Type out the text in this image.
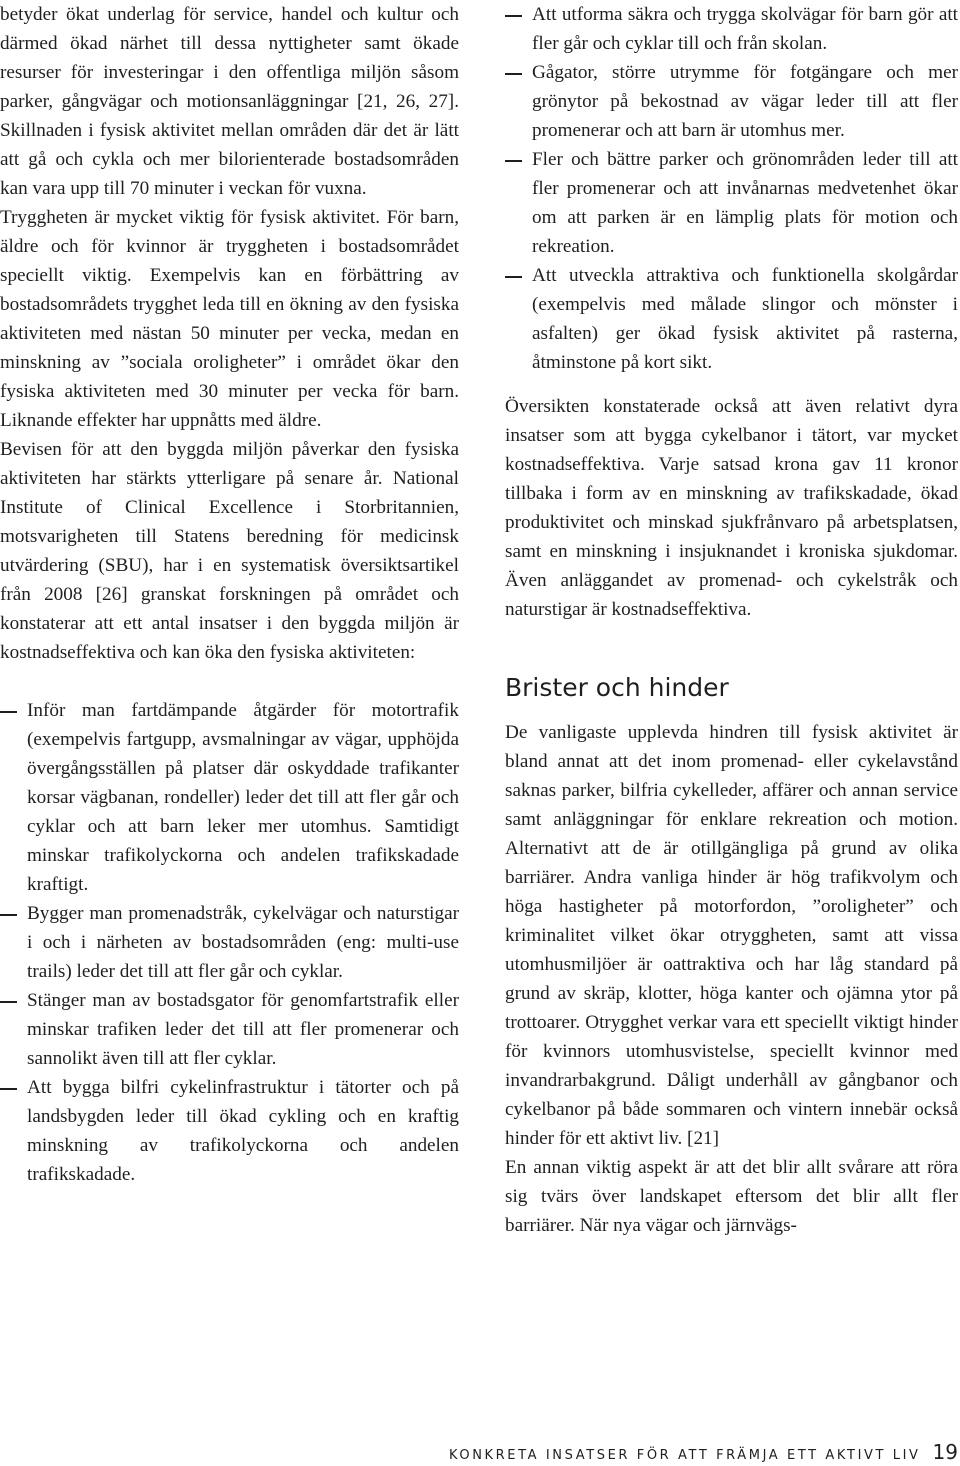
betyder ökat underlag för service, handel och kultur och därmed ökad närhet till dessa nyttigheter samt ökade resurser för investeringar i den offentliga miljön såsom parker, gångvägar och motionsanläggningar [21, 26, 27]. Skillnaden i fysisk aktivitet mellan områden där det är lätt att gå och cykla och mer bilorienterade bostadsområden kan vara upp till 70 minuter i veckan för vuxna.

Tryggheten är mycket viktig för fysisk aktivitet. För barn, äldre och för kvinnor är tryggheten i bostadsområdet speciellt viktig. Exempelvis kan en förbättring av bostadsområdets trygghet leda till en ökning av den fysiska aktiviteten med nästan 50 minuter per vecka, medan en minskning av ”sociala oroligheter” i området ökar den fysiska aktiviteten med 30 minuter per vecka för barn. Liknande effekter har uppnåtts med äldre.

Bevisen för att den byggda miljön påverkar den fysiska aktiviteten har stärkts ytterligare på senare år. National Institute of Clinical Excellence i Storbritannien, motsvarigheten till Statens beredning för medicinsk utvärdering (SBU), har i en systematisk översiktsartikel från 2008 [26] granskat forskningen på området och konstaterar att ett antal insatser i den byggda miljön är kostnadseffektiva och kan öka den fysiska aktiviteten:

Inför man fartdämpande åtgärder för motortrafik (exempelvis fartgupp, avsmalningar av vägar, upphöjda övergångsställen på platser där oskyddade trafikanter korsar vägbanan, rondeller) leder det till att fler går och cyklar och att barn leker mer utomhus. Samtidigt minskar trafikolyckorna och andelen trafikskadade kraftigt.
Bygger man promenadstråk, cykelvägar och naturstigar i och i närheten av bostadsområden (eng: multi-use trails) leder det till att fler går och cyklar.
Stänger man av bostadsgator för genomfartstrafik eller minskar trafiken leder det till att fler promenerar och sannolikt även till att fler cyklar.
Att bygga bilfri cykelinfrastruktur i tätorter och på landsbygden leder till ökad cykling och en kraftig minskning av trafikolyckorna och andelen trafikskadade.
Att utforma säkra och trygga skolvägar för barn gör att fler går och cyklar till och från skolan.
Gågator, större utrymme för fotgängare och mer grönytor på bekostnad av vägar leder till att fler promenerar och att barn är utomhus mer.
Fler och bättre parker och grönområden leder till att fler promenerar och att invånarnas medvetenhet ökar om att parken är en lämplig plats för motion och rekreation.
Att utveckla attraktiva och funktionella skolgårdar (exempelvis med målade slingor och mönster i asfalten) ger ökad fysisk aktivitet på rasterna, åtminstone på kort sikt.

Översikten konstaterade också att även relativt dyra insatser som att bygga cykelbanor i tätort, var mycket kostnadseffektiva. Varje satsad krona gav 11 kronor tillbaka i form av en minskning av trafikskadade, ökad produktivitet och minskad sjukfrånvaro på arbetsplatsen, samt en minskning i insjuknandet i kroniska sjukdomar. Även anläggandet av promenad- och cykelstråk och naturstigar är kostnadseffektiva.

Brister och hinder

De vanligaste upplevda hindren till fysisk aktivitet är bland annat att det inom promenad- eller cykelavstånd saknas parker, bilfria cykelleder, affärer och annan service samt anläggningar för enklare rekreation och motion. Alternativt att de är otillgängliga på grund av olika barriärer. Andra vanliga hinder är hög trafikvolym och höga hastigheter på motorfordon, ”oroligheter” och kriminalitet vilket ökar otryggheten, samt att vissa utomhusmiljöer är oattraktiva och har låg standard på grund av skräp, klotter, höga kanter och ojämna ytor på trottoarer. Otrygghet verkar vara ett speciellt viktigt hinder för kvinnors utomhusvistelse, speciellt kvinnor med invandrarbakgrund. Dåligt underhåll av gångbanor och cykelbanor på både sommaren och vintern innebär också hinder för ett aktivt liv. [21]

En annan viktig aspekt är att det blir allt svårare att röra sig tvärs över landskapet eftersom det blir allt fler barriärer. När nya vägar och järnvägs-

KONKRETA INSATSER FÖR ATT FRÄMJA ETT AKTIVT LIV 19
